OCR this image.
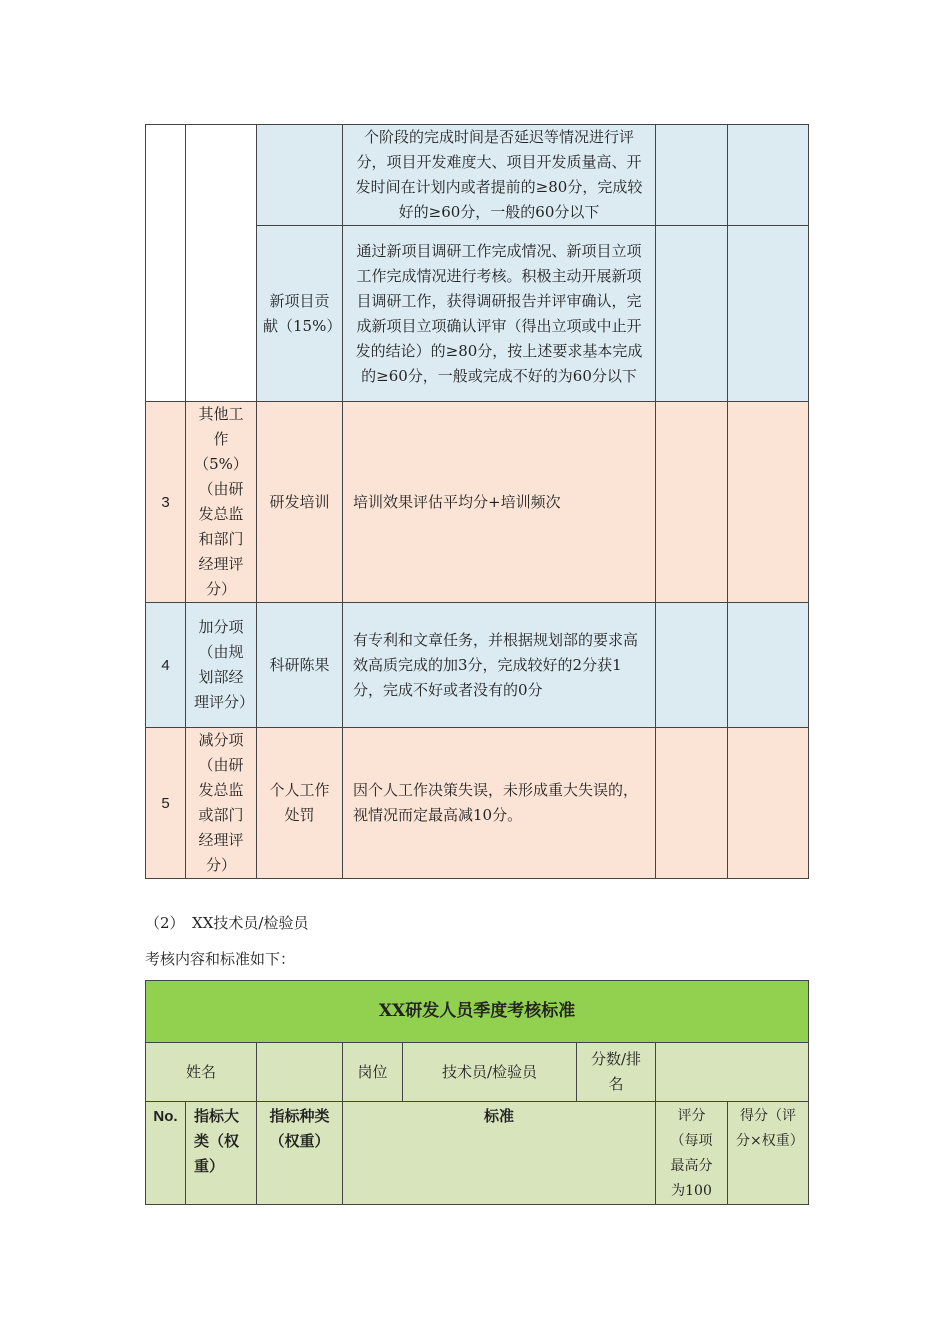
			个阶段的完成时间是否延迟等情况进行评分，项目开发难度大、项目开发质量高、开发时间在计划内或者提前的≥80分，完成较好的≥60分，一般的60分以下		
		新项目贡献（15%）	通过新项目调研工作完成情况、新项目立项工作完成情况进行考核。积极主动开展新项目调研工作，获得调研报告并评审确认，完成新项目立项确认评审（得出立项或中止开发的结论）的≥80分，按上述要求基本完成的≥60分，一般或完成不好的为60分以下		
3	其他工作（5%）（由研发总监和部门经理评分）	研发培训	培训效果评估平均分+培训频次		
4	加分项（由规划部经理评分）	科研陈果	有专利和文章任务，并根据规划部的要求高效高质完成的加3分，完成较好的2分获1分，完成不好或者没有的0分		
5	减分项（由研发总监或部门经理评分）	个人工作处罚	因个人工作决策失误，未形成重大失误的，视情况而定最高减10分。		
（2）　XX技术员/检验员
考核内容和标准如下：
XX研发人员季度考核标准							
姓名			岗位	技术员/检验员	分数/排名		
No.	指标大类（权重）	指标种类（权重）	标准			评分（每项最高分为100	得分（评分×权重）
